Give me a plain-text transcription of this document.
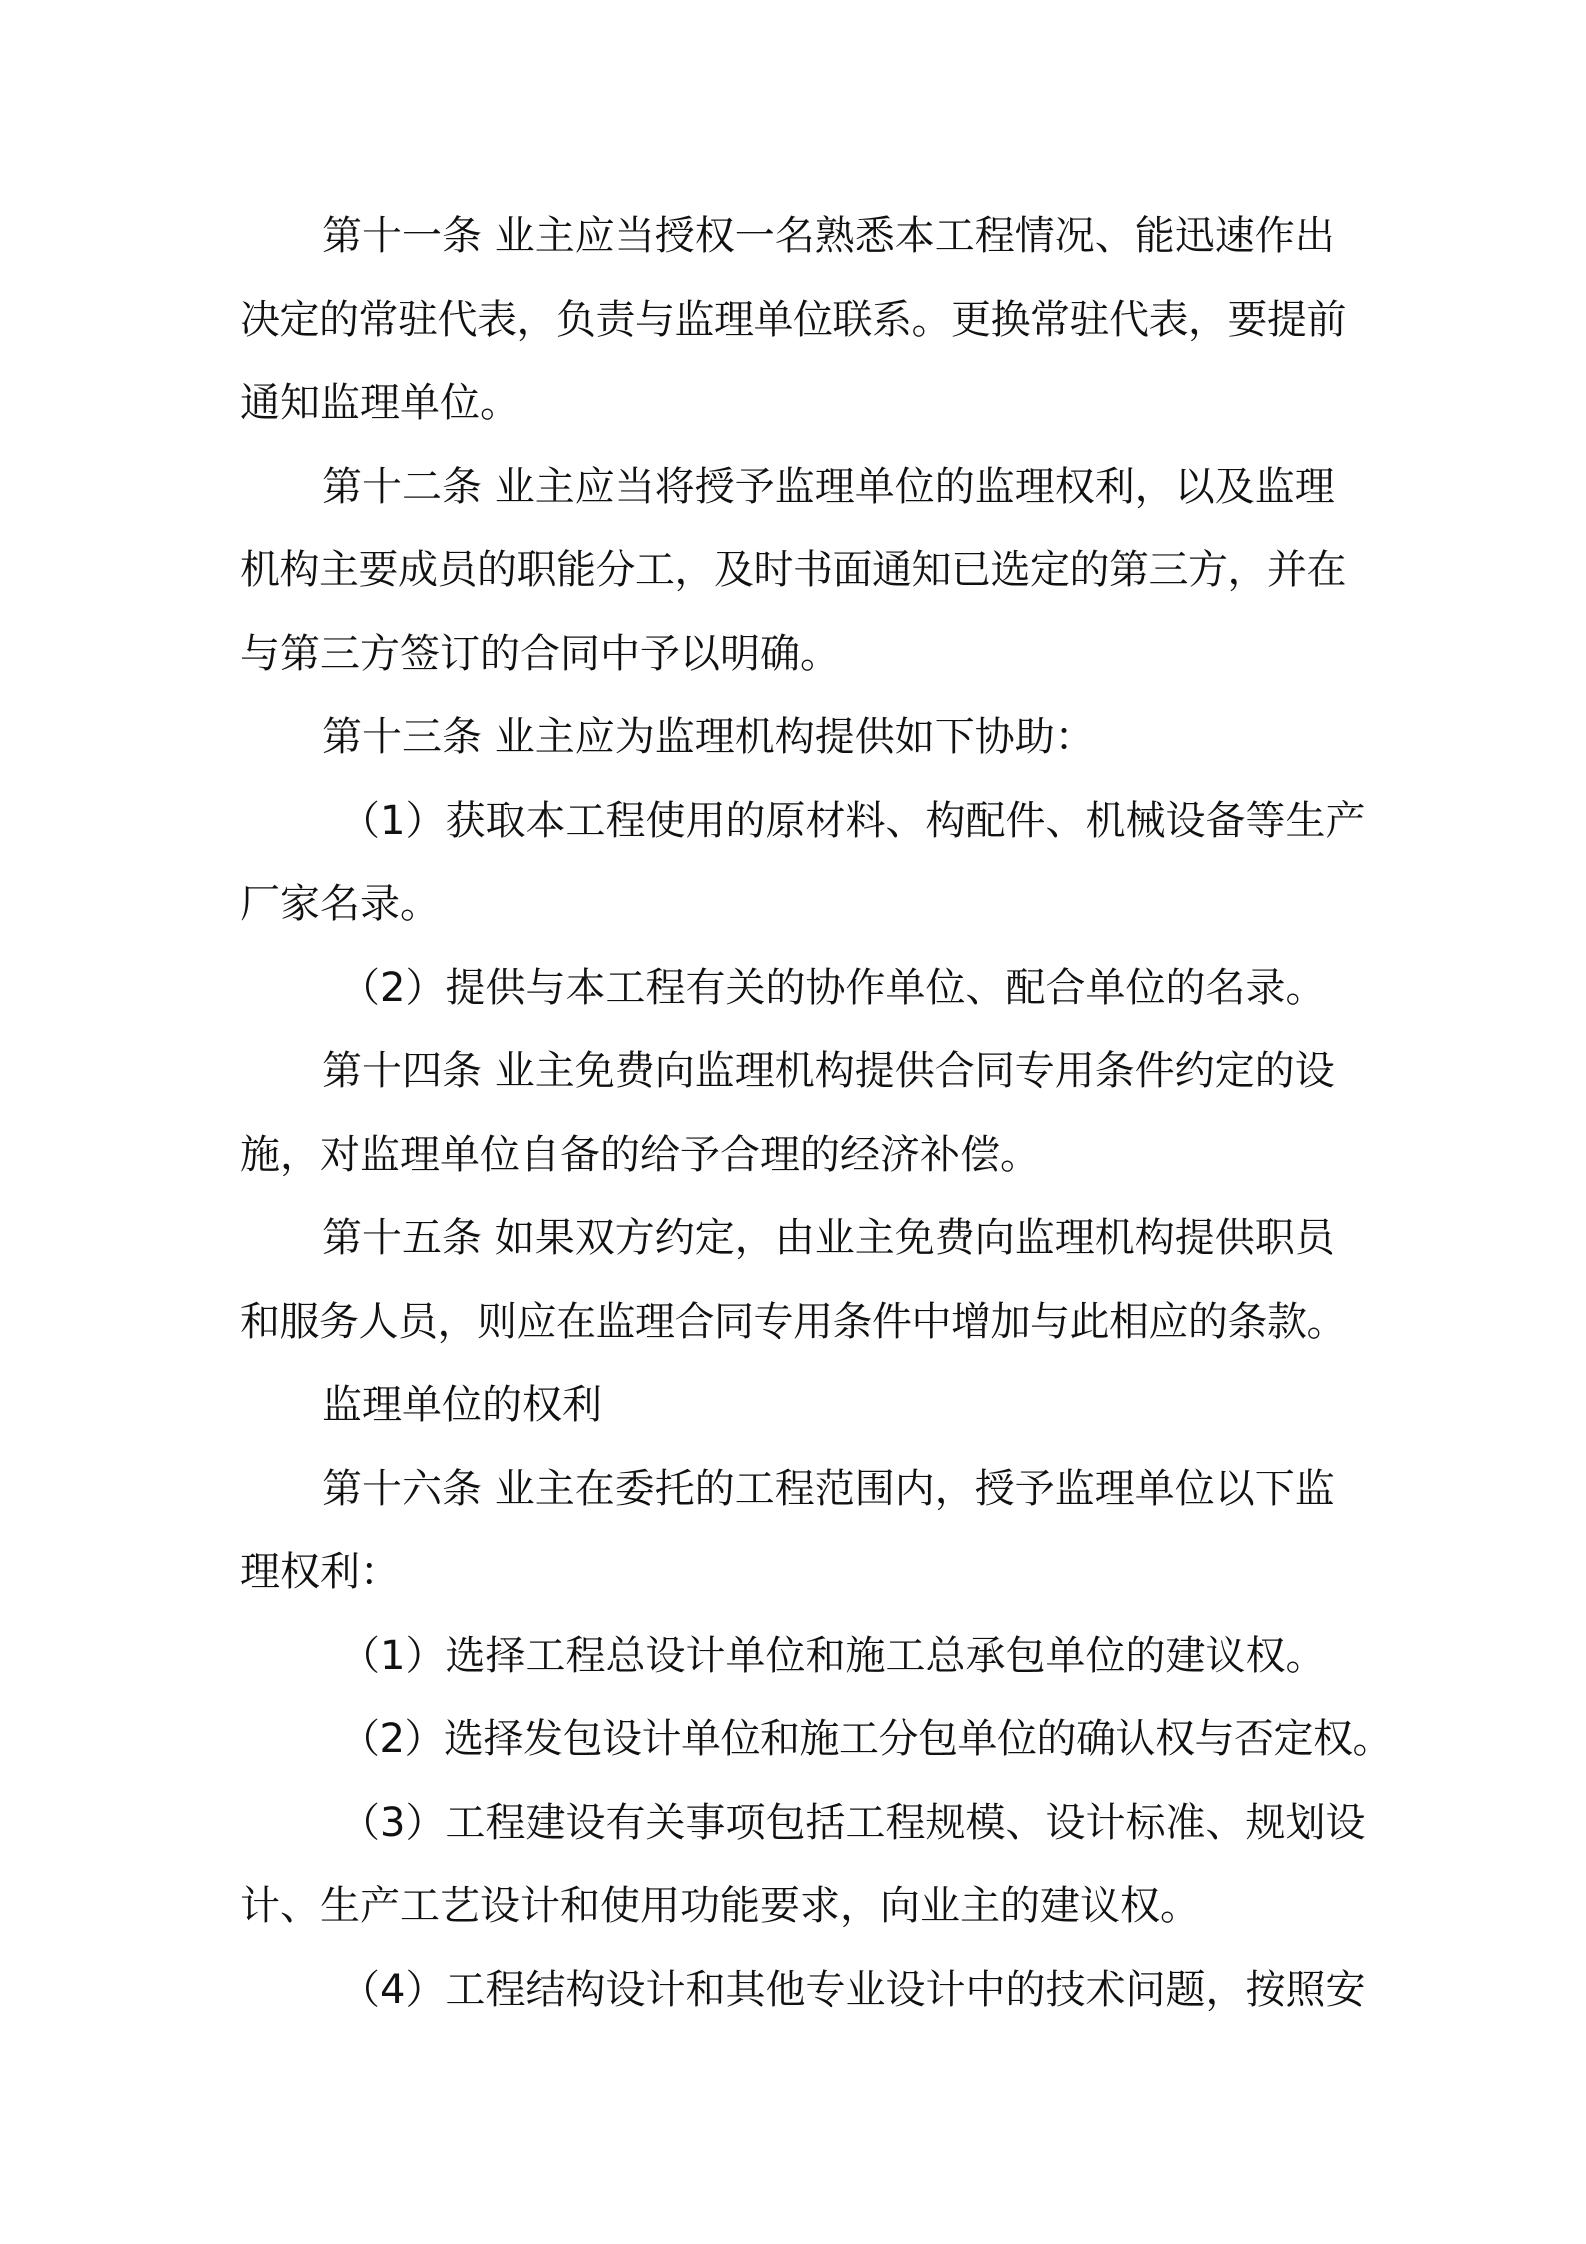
第十一条 业主应当授权一名熟悉本工程情况、能迅速作出
决定的常驻代表，负责与监理单位联系。更换常驻代表，要提前
通知监理单位。
第十二条 业主应当将授予监理单位的监理权利，以及监理
机构主要成员的职能分工，及时书面通知已选定的第三方，并在
与第三方签订的合同中予以明确。
第十三条 业主应为监理机构提供如下协助：
（1）获取本工程使用的原材料、构配件、机械设备等生产
厂家名录。
（2）提供与本工程有关的协作单位、配合单位的名录。
第十四条 业主免费向监理机构提供合同专用条件约定的设
施，对监理单位自备的给予合理的经济补偿。
第十五条 如果双方约定，由业主免费向监理机构提供职员
和服务人员，则应在监理合同专用条件中增加与此相应的条款。
监理单位的权利
第十六条 业主在委托的工程范围内，授予监理单位以下监
理权利：
（1）选择工程总设计单位和施工总承包单位的建议权。
（2）选择发包设计单位和施工分包单位的确认权与否定权。
（3）工程建设有关事项包括工程规模、设计标准、规划设
计、生产工艺设计和使用功能要求，向业主的建议权。
（4）工程结构设计和其他专业设计中的技术问题，按照安
